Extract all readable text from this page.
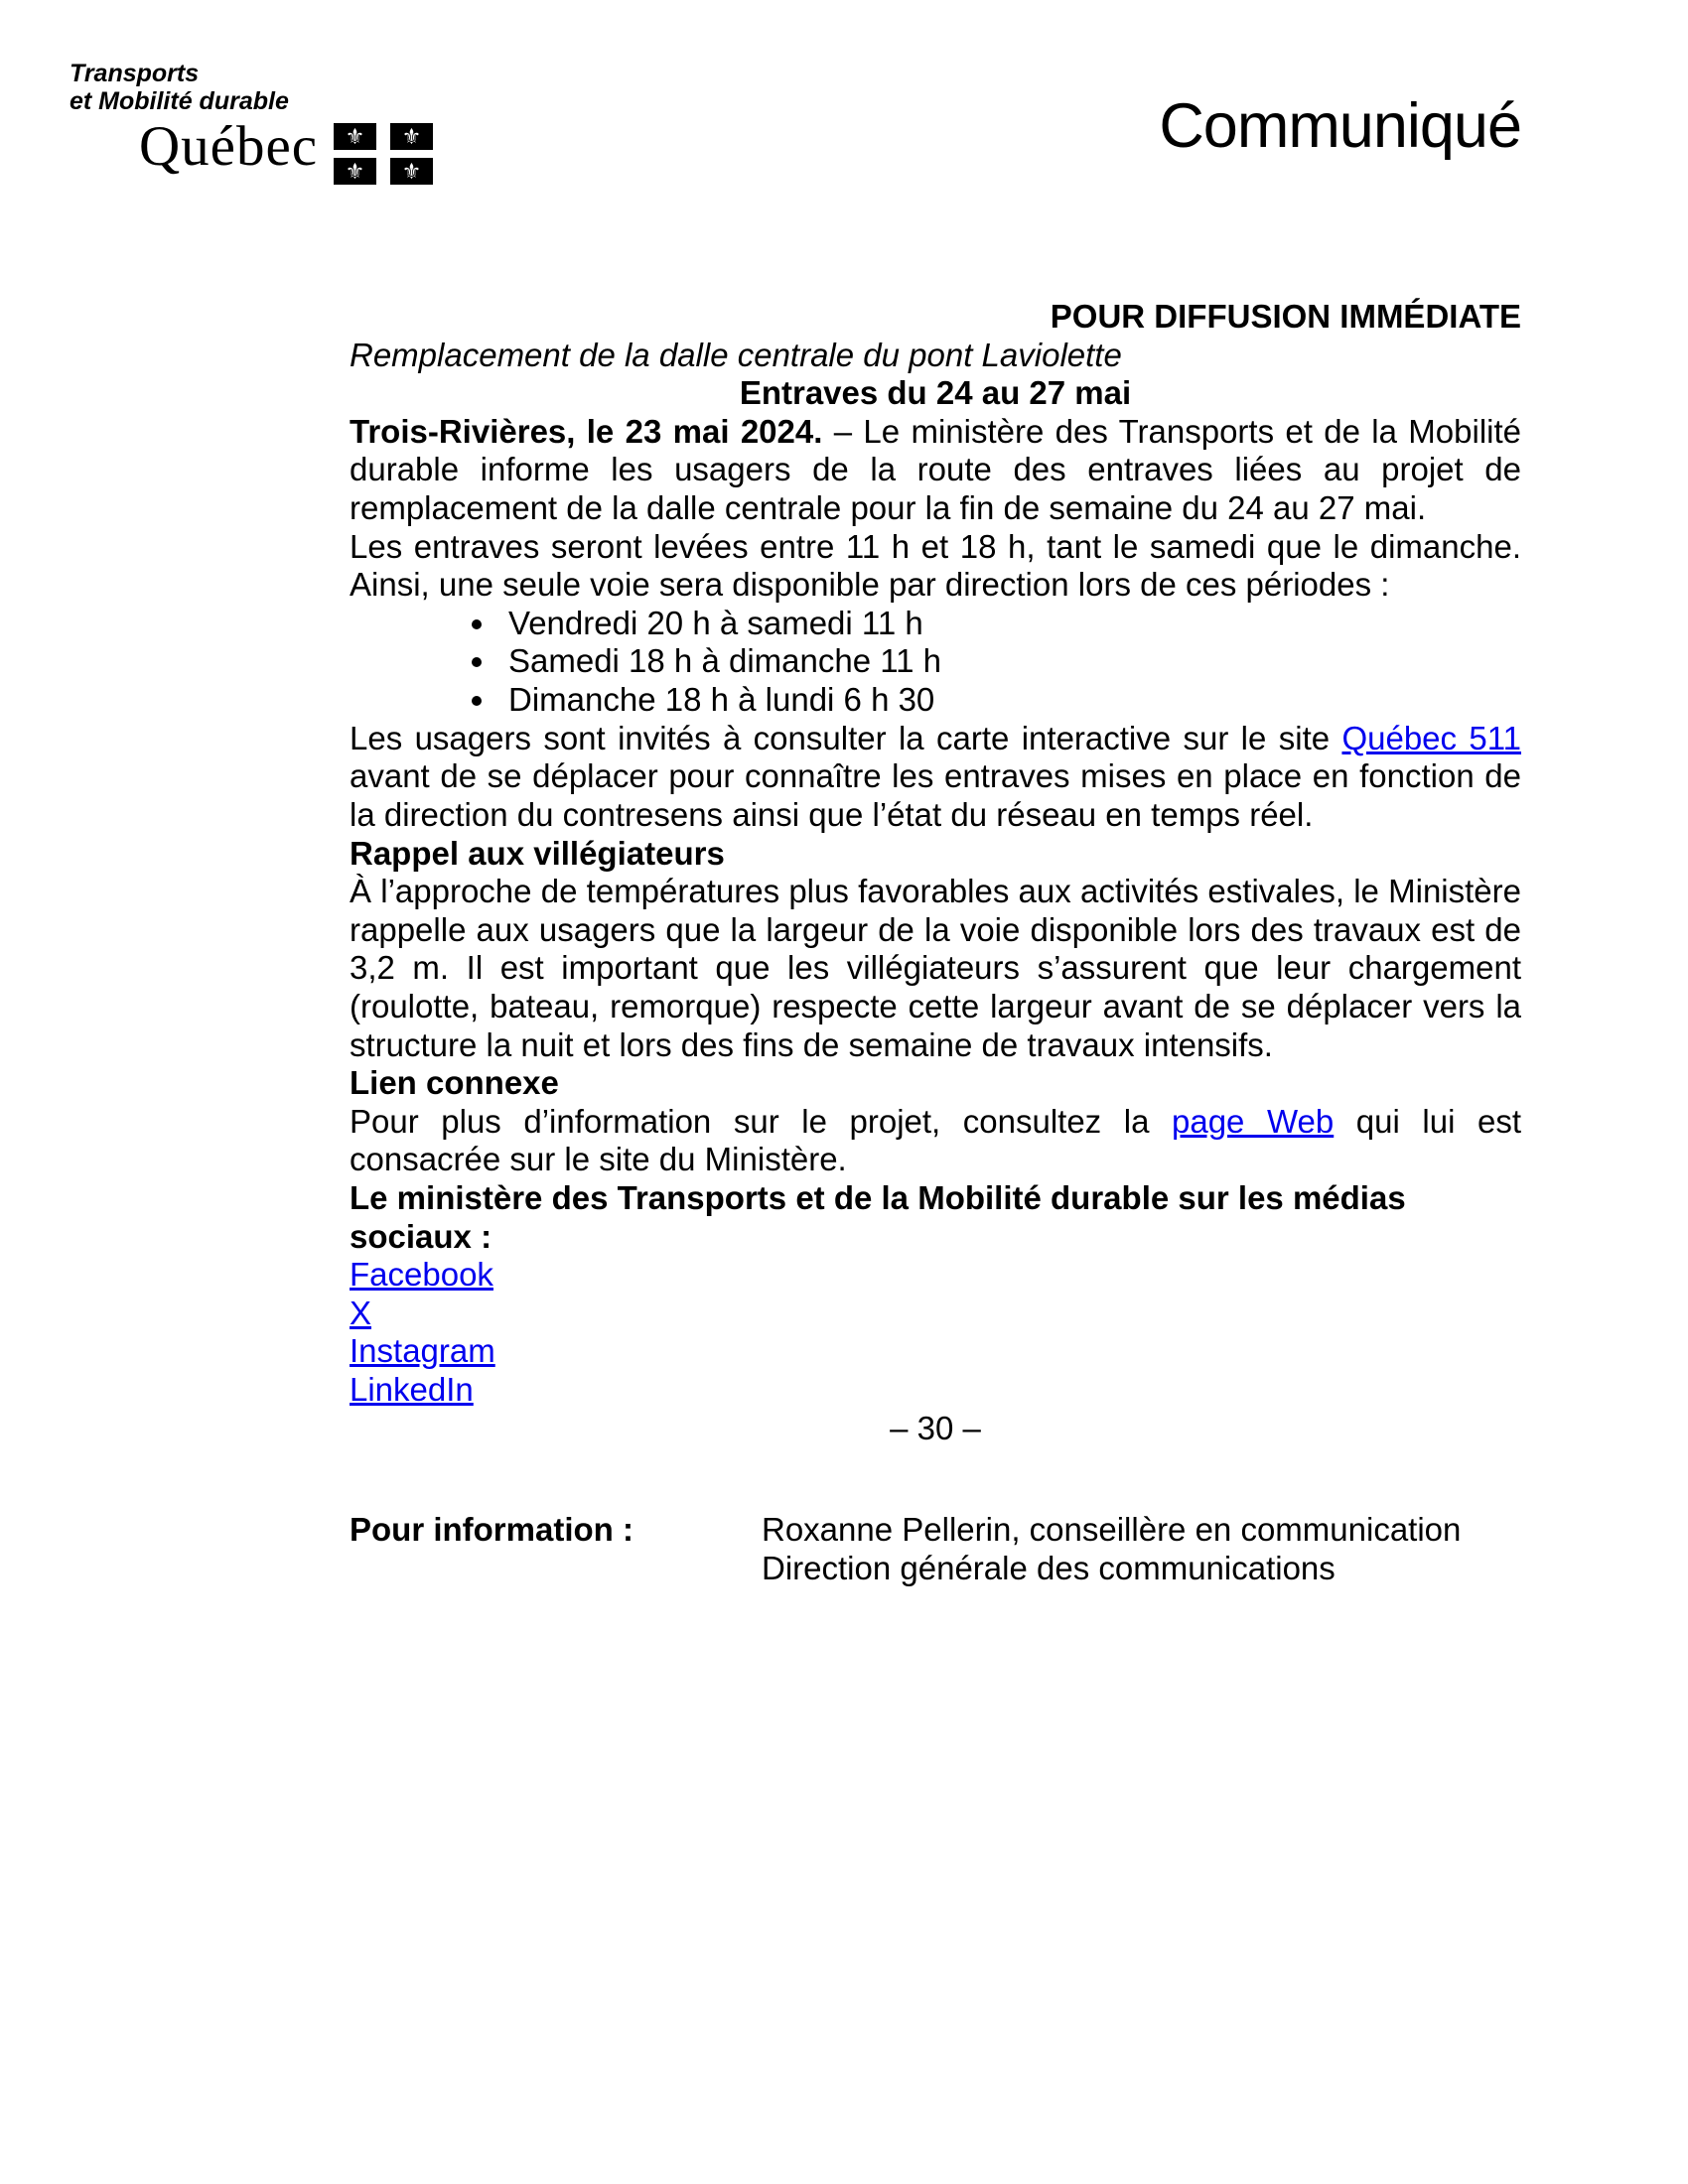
Transports
et Mobilité durable
Québec ⚜ ⚜
⚜ ⚜
Communiqué

POUR DIFFUSION IMMÉDIATE

Remplacement de la dalle centrale du pont Laviolette

Entraves du 24 au 27 mai

Trois-Rivières, le 23 mai 2024. – Le ministère des Transports et de la Mobilité durable informe les usagers de la route des entraves liées au projet de remplacement de la dalle centrale pour la fin de semaine du 24 au 27 mai.

Les entraves seront levées entre 11 h et 18 h, tant le samedi que le dimanche. Ainsi, une seule voie sera disponible par direction lors de ces périodes :

• Vendredi 20 h à samedi 11 h
• Samedi 18 h à dimanche 11 h
• Dimanche 18 h à lundi 6 h 30

Les usagers sont invités à consulter la carte interactive sur le site Québec 511 avant de se déplacer pour connaître les entraves mises en place en fonction de la direction du contresens ainsi que l’état du réseau en temps réel.

Rappel aux villégiateurs

À l’approche de températures plus favorables aux activités estivales, le Ministère rappelle aux usagers que la largeur de la voie disponible lors des travaux est de 3,2 m. Il est important que les villégiateurs s’assurent que leur chargement (roulotte, bateau, remorque) respecte cette largeur avant de se déplacer vers la structure la nuit et lors des fins de semaine de travaux intensifs.

Lien connexe

Pour plus d’information sur le projet, consultez la page Web qui lui est consacrée sur le site du Ministère.

Le ministère des Transports et de la Mobilité durable sur les médias sociaux :

Facebook

X

Instagram

LinkedIn

– 30 –

Pour information :	Roxanne Pellerin, conseillère en communication
Direction générale des communications
